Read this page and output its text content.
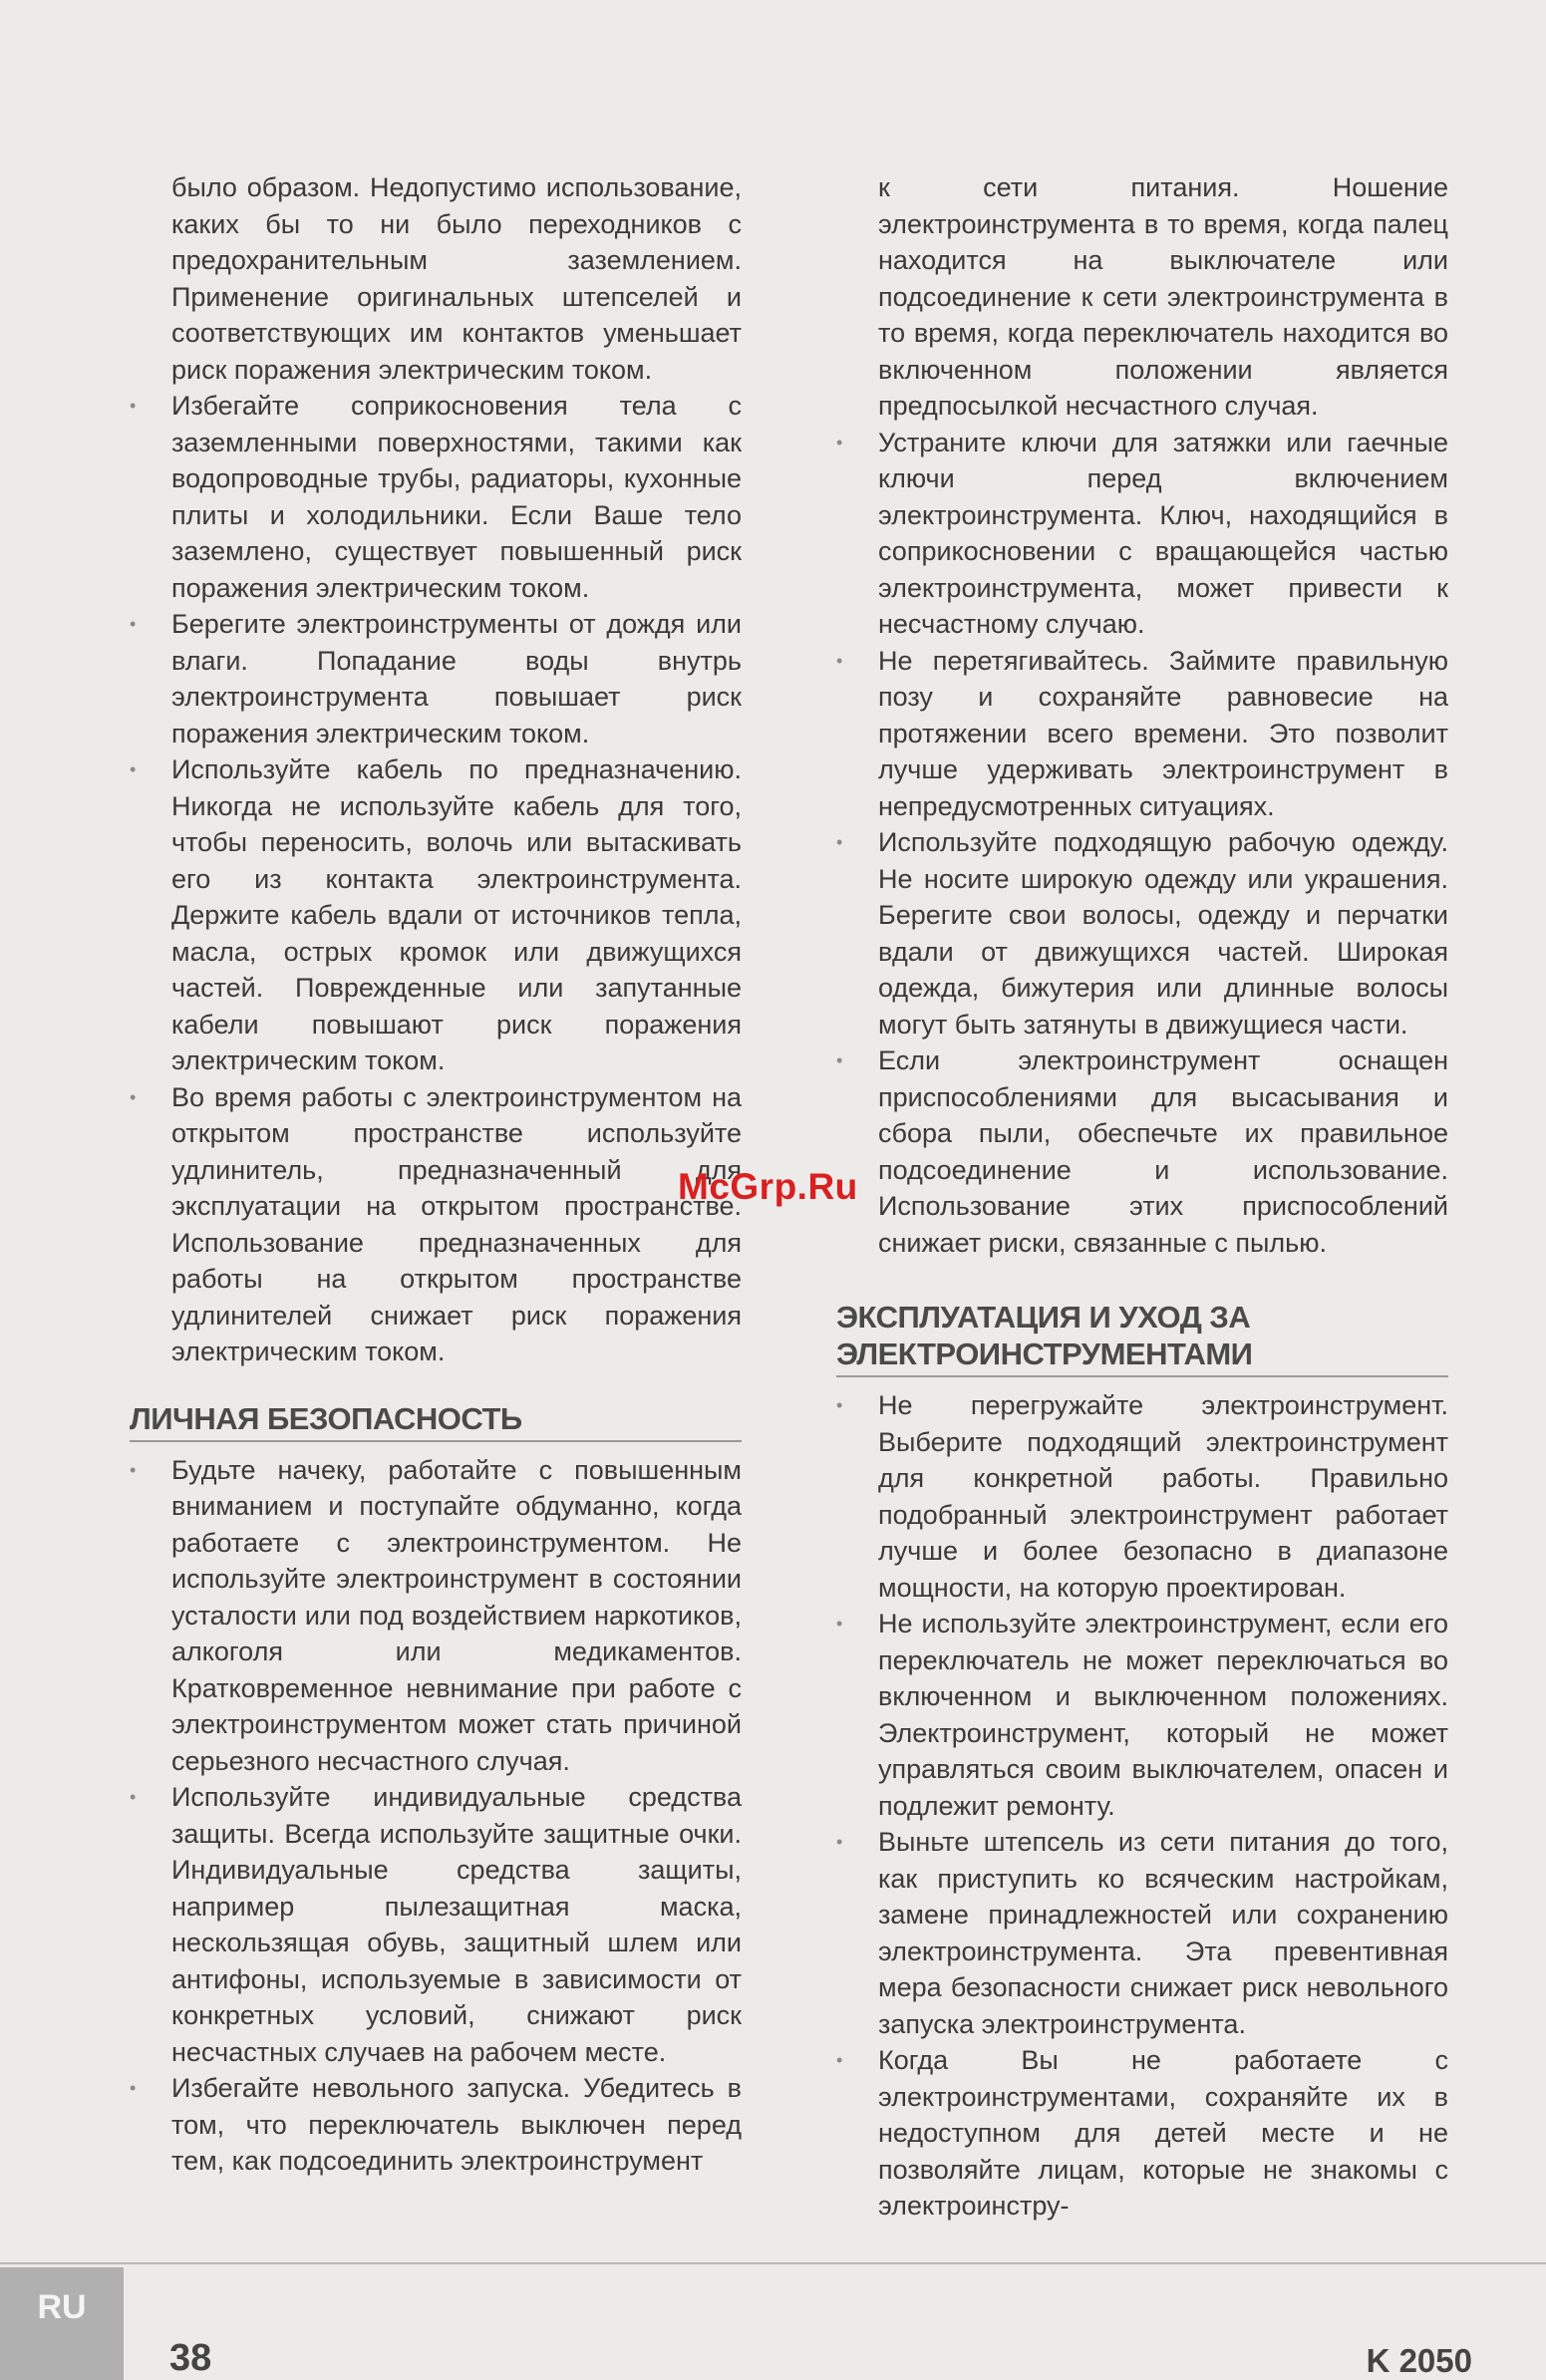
было образом. Недопустимо использование, каких бы то ни было переходников с предохранительным заземлением. Применение оригинальных штепселей и соответствующих им контактов уменьшает риск поражения электрическим током.

• Избегайте соприкосновения тела с заземленными поверхностями, такими как водопроводные трубы, радиаторы, кухонные плиты и холодильники. Если Ваше тело заземлено, существует повышенный риск поражения электрическим током.
• Берегите электроинструменты от дождя или влаги. Попадание воды внутрь электроинструмента повышает риск поражения электрическим током.
• Используйте кабель по предназначению. Никогда не используйте кабель для того, чтобы переносить, волочь или вытаскивать его из контакта электроинструмента. Держите кабель вдали от источников тепла, масла, острых кромок или движущихся частей. Поврежденные или запутанные кабели повышают риск поражения электрическим током.
• Во время работы с электроинструментом на открытом пространстве используйте удлинитель, предназначенный для эксплуатации на открытом пространстве. Использование предназначенных для работы на открытом пространстве удлинителей снижает риск поражения электрическим током.
ЛИЧНАЯ БЕЗОПАСНОСТЬ
• Будьте начеку, работайте с повышенным вниманием и поступайте обдуманно, когда работаете с электроинструментом. Не используйте электроинструмент в состоянии усталости или под воздействием наркотиков, алкоголя или медикаментов. Кратковременное невнимание при работе с электроинструментом может стать причиной серьезного несчастного случая.
• Используйте индивидуальные средства защиты. Всегда используйте защитные очки. Индивидуальные средства защиты, например пылезащитная маска, нескользящая обувь, защитный шлем или антифоны, используемые в зависимости от конкретных условий, снижают риск несчастных случаев на рабочем месте.
• Избегайте невольного запуска. Убедитесь в том, что переключатель выключен перед тем, как подсоединить электроинструмент

к сети питания. Ношение электроинструмента в то время, когда палец находится на выключателе или подсоединение к сети электроинструмента в то время, когда переключатель находится во включенном положении является предпосылкой несчастного случая.

• Устраните ключи для затяжки или гаечные ключи перед включением электроинструмента. Ключ, находящийся в соприкосновении с вращающейся частью электроинструмента, может привести к несчастному случаю.
• Не перетягивайтесь. Займите правильную позу и сохраняйте равновесие на протяжении всего времени. Это позволит лучше удерживать электроинструмент в непредусмотренных ситуациях.
• Используйте подходящую рабочую одежду. Не носите широкую одежду или украшения. Берегите свои волосы, одежду и перчатки вдали от движущихся частей. Широкая одежда, бижутерия или длинные волосы могут быть затянуты в движущиеся части.
• Если электроинструмент оснащен приспособлениями для высасывания и сбора пыли, обеспечьте их правильное подсоединение и использование. Использование этих приспособлений снижает риски, связанные с пылью.
ЭКСПЛУАТАЦИЯ И УХОД ЗА ЭЛЕКТРОИНСТРУМЕНТАМИ
• Не перегружайте электроинструмент. Выберите подходящий электроинструмент для конкретной работы. Правильно подобранный электроинструмент работает лучше и более безопасно в диапазоне мощности, на которую проектирован.
• Не используйте электроинструмент, если его переключатель не может переключаться во включенном и выключенном положениях. Электроинструмент, который не может управляться своим выключателем, опасен и подлежит ремонту.
• Выньте штепсель из сети питания до того, как приступить ко всяческим настройкам, замене принадлежностей или сохранению электроинструмента. Эта превентивная мера безопасности снижает риск невольного запуска электроинструмента.
• Когда Вы не работаете с электроинструментами, сохраняйте их в недоступном для детей месте и не позволяйте лицам, которые не знакомы с электроинстру-
McGrp.Ru
RU
38	K 2050
